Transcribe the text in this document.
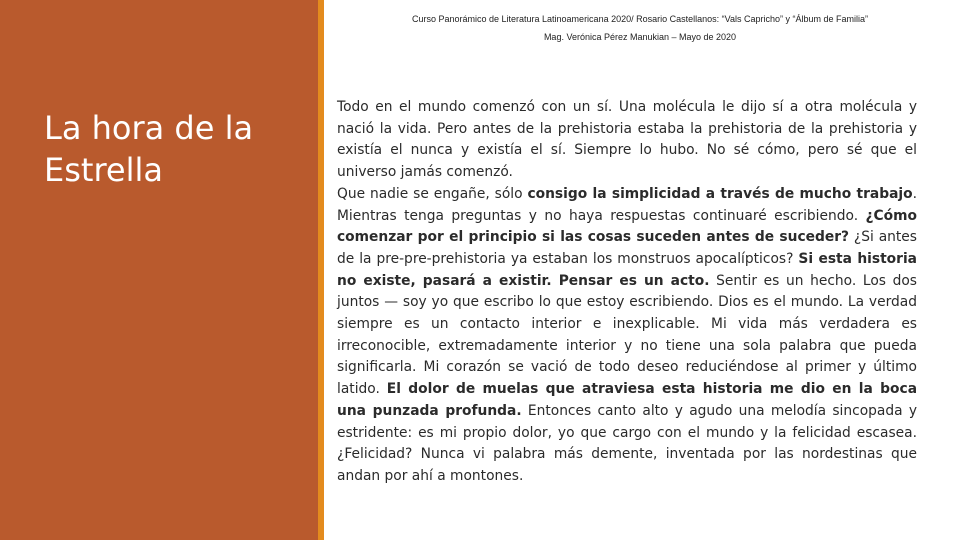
La hora de la Estrella
Curso Panorámico de Literatura Latinoamericana 2020/ Rosario Castellanos: “Vals Capricho” y “Álbum de Familia”
Mag. Verónica Pérez Manukian – Mayo de 2020
Todo en el mundo comenzó con un sí. Una molécula le dijo sí a otra molécula y nació la vida. Pero antes de la prehistoria estaba la prehistoria de la prehistoria y existía el nunca y existía el sí. Siempre lo hubo. No sé cómo, pero sé que el universo jamás comenzó.
Que nadie se engañe, sólo consigo la simplicidad a través de mucho trabajo. Mientras tenga preguntas y no haya respuestas continuaré escribiendo. ¿Cómo comenzar por el principio si las cosas suceden antes de suceder? ¿Si antes de la pre-pre-prehistoria ya estaban los monstruos apocalípticos? Si esta historia no existe, pasará a existir. Pensar es un acto. Sentir es un hecho. Los dos juntos — soy yo que escribo lo que estoy escribiendo. Dios es el mundo. La verdad siempre es un contacto interior e inexplicable. Mi vida más verdadera es irreconocible, extremadamente interior y no tiene una sola palabra que pueda significarla. Mi corazón se vació de todo deseo reduciéndose al primer y último latido. El dolor de muelas que atraviesa esta historia me dio en la boca una punzada profunda. Entonces canto alto y agudo una melodía sincopada y estridente: es mi propio dolor, yo que cargo con el mundo y la felicidad escasea. ¿Felicidad? Nunca vi palabra más demente, inventada por las nordestinas que andan por ahí a montones.
